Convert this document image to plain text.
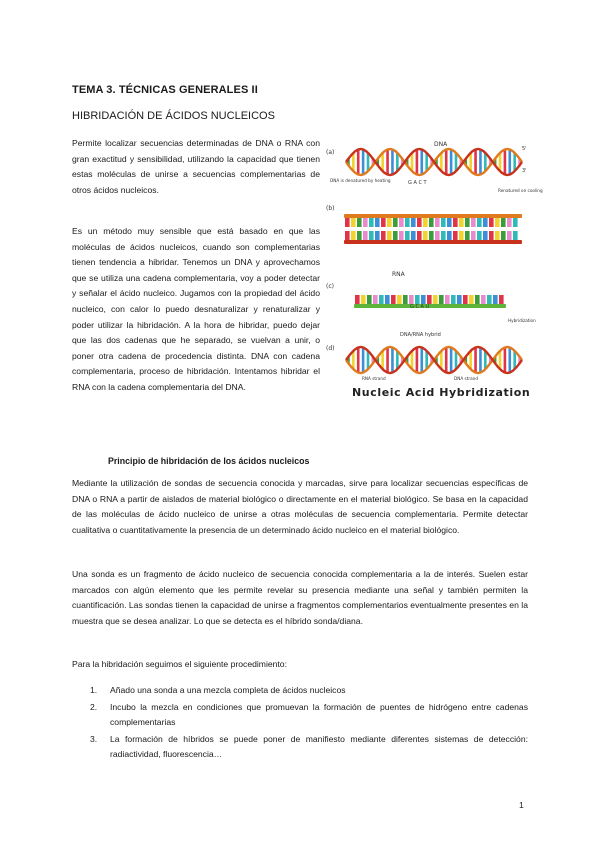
TEMA 3. TÉCNICAS GENERALES II
HIBRIDACIÓN DE ÁCIDOS NUCLEICOS
Permite localizar secuencias determinadas de DNA o RNA con gran exactitud y sensibilidad, utilizando la capacidad que tienen estas moléculas de unirse a secuencias complementarias de otros ácidos nucleicos.
Es un método muy sensible que está basado en que las moléculas de ácidos nucleicos, cuando son complementarias tienen tendencia a hibridar. Tenemos un DNA y aprovechamos que se utiliza una cadena complementaria, voy a poder detectar y señalar el ácido nucleico. Jugamos con la propiedad del ácido nucleico, con calor lo puedo desnaturalizar y renaturalizar y poder utilizar la hibridación. A la hora de hibridar, puedo dejar que las dos cadenas que he separado, se vuelvan a unir, o poner otra cadena de procedencia distinta. DNA con cadena complementaria, proceso de hibridación. Intentamos hibridar el RNA con la cadena complementaria del DNA.
(a)
(b)
(c)
(d)
DNA
DNA is denatured by heating	G A C T
Renatured on cooling
RNA
G C A U
Hybridization
DNA/RNA hybrid
RNA strand	DNA strand
5'
3'
Nucleic Acid Hybridization
Principio de hibridación de los ácidos nucleicos
Mediante la utilización de sondas de secuencia conocida y marcadas, sirve para localizar secuencias específicas de DNA o RNA a partir de aislados de material biológico o directamente en el material biológico. Se basa en la capacidad de las moléculas de ácido nucleico de unirse a otras moléculas de secuencia complementaria. Permite detectar cualitativa o cuantitativamente la presencia de un determinado ácido nucleico en el material biológico.
Una sonda es un fragmento de ácido nucleico de secuencia conocida complementaria a la de interés. Suelen estar marcados con algún elemento que les permite revelar su presencia mediante una señal y también permiten la cuantificación. Las sondas tienen la capacidad de unirse a fragmentos complementarios eventualmente presentes en la muestra que se desea analizar. Lo que se detecta es el híbrido sonda/diana.
Para la hibridación seguimos el siguiente procedimiento:
1. Añado una sonda a una mezcla completa de ácidos nucleicos
2. Incubo la mezcla en condiciones que promuevan la formación de puentes de hidrógeno entre cadenas complementarias
3. La formación de híbridos se puede poner de manifiesto mediante diferentes sistemas de detección: radiactividad, fluorescencia…
1
